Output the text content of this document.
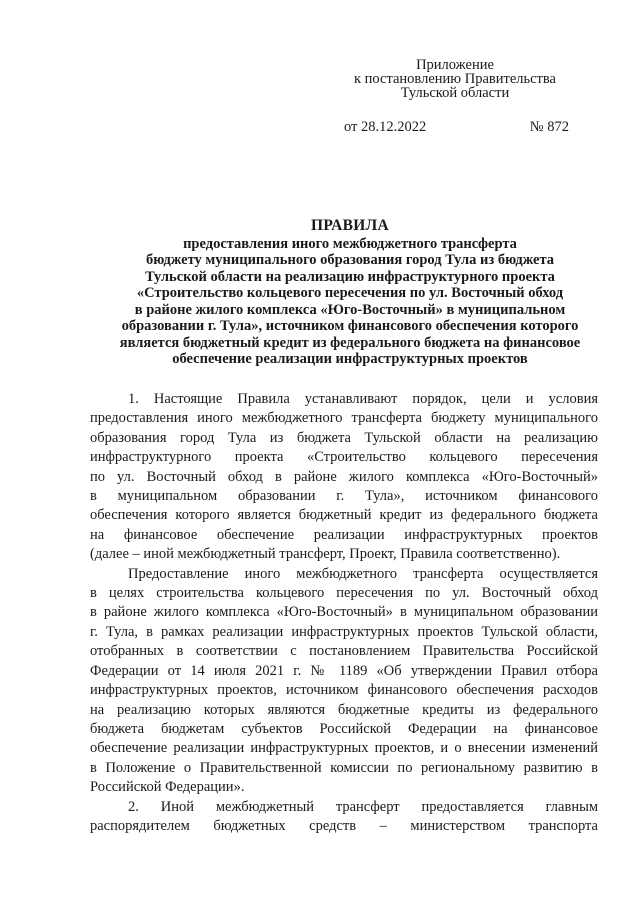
Приложение
к постановлению Правительства
Тульской области
от 28.12.2022	№ 872
ПРАВИЛА
предоставления иного межбюджетного трансферта
бюджету муниципального образования город Тула из бюджета
Тульской области на реализацию инфраструктурного проекта
«Строительство кольцевого пересечения по ул. Восточный обход
в районе жилого комплекса «Юго-Восточный» в муниципальном
образовании г. Тула», источником финансового обеспечения которого
является бюджетный кредит из федерального бюджета на финансовое
обеспечение реализации инфраструктурных проектов
1. Настоящие Правила устанавливают порядок, цели и условия
предоставления иного межбюджетного трансферта бюджету муниципального
образования город Тула из бюджета Тульской области на реализацию
инфраструктурного проекта «Строительство кольцевого пересечения
по ул. Восточный обход в районе жилого комплекса «Юго-Восточный»
в муниципальном образовании г. Тула», источником финансового
обеспечения которого является бюджетный кредит из федерального бюджета
на финансовое обеспечение реализации инфраструктурных проектов
(далее – иной межбюджетный трансферт, Проект, Правила соответственно).
Предоставление иного межбюджетного трансферта осуществляется
в целях строительства кольцевого пересечения по ул. Восточный обход
в районе жилого комплекса «Юго-Восточный» в муниципальном образовании
г. Тула, в рамках реализации инфраструктурных проектов Тульской области,
отобранных в соответствии с постановлением Правительства Российской
Федерации от 14 июля 2021 г. № 1189 «Об утверждении Правил отбора
инфраструктурных проектов, источником финансового обеспечения расходов
на реализацию которых являются бюджетные кредиты из федерального
бюджета бюджетам субъектов Российской Федерации на финансовое
обеспечение реализации инфраструктурных проектов, и о внесении изменений
в Положение о Правительственной комиссии по региональному развитию в
Российской Федерации».
2. Иной межбюджетный трансферт предоставляется главным
распорядителем бюджетных средств – министерством транспорта
